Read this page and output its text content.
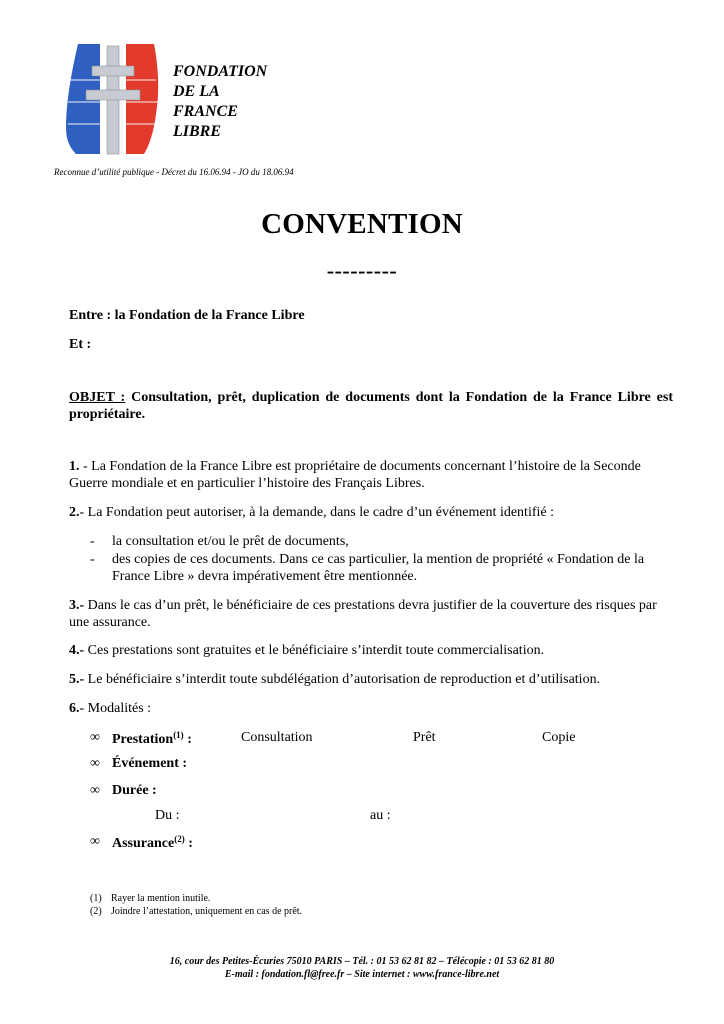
FONDATION
DE LA
FRANCE
LIBRE
Reconnue d’utilité publique - Décret du 16.06.94 - JO du 18.06.94
CONVENTION
---------
Entre : la Fondation de la France Libre
Et :
OBJET : Consultation, prêt, duplication de documents dont la Fondation de la France Libre est propriétaire.
1. - La Fondation de la France Libre est propriétaire de documents concernant l’histoire de la Seconde Guerre mondiale et en particulier l’histoire des Français Libres.
2.- La Fondation peut autoriser, à la demande, dans le cadre d’un événement identifié :
- la consultation et/ou le prêt de documents,
- des copies de ces documents. Dans ce cas particulier, la mention de propriété « Fondation de la France Libre » devra impérativement être mentionnée.
3.- Dans le cas d’un prêt, le bénéficiaire de ces prestations devra justifier de la couverture des risques par une assurance.
4.- Ces prestations sont gratuites et le bénéficiaire s’interdit toute commercialisation.
5.- Le bénéficiaire s’interdit toute subdélégation d’autorisation de reproduction et d’utilisation.
6.- Modalités :
∞ Prestation$^{(1)}$ :	Consultation	Prêt	Copie
∞ Événement :
∞ Durée :
Du :	au :
∞ Assurance$^{(2)}$ :
(1) Rayer la mention inutile.
(2) Joindre l’attestation, uniquement en cas de prêt.
16, cour des Petites-Écuries 75010 PARIS – Tél. : 01 53 62 81 82 – Télécopie : 01 53 62 81 80
E-mail : fondation.fl@free.fr – Site internet : www.france-libre.net
